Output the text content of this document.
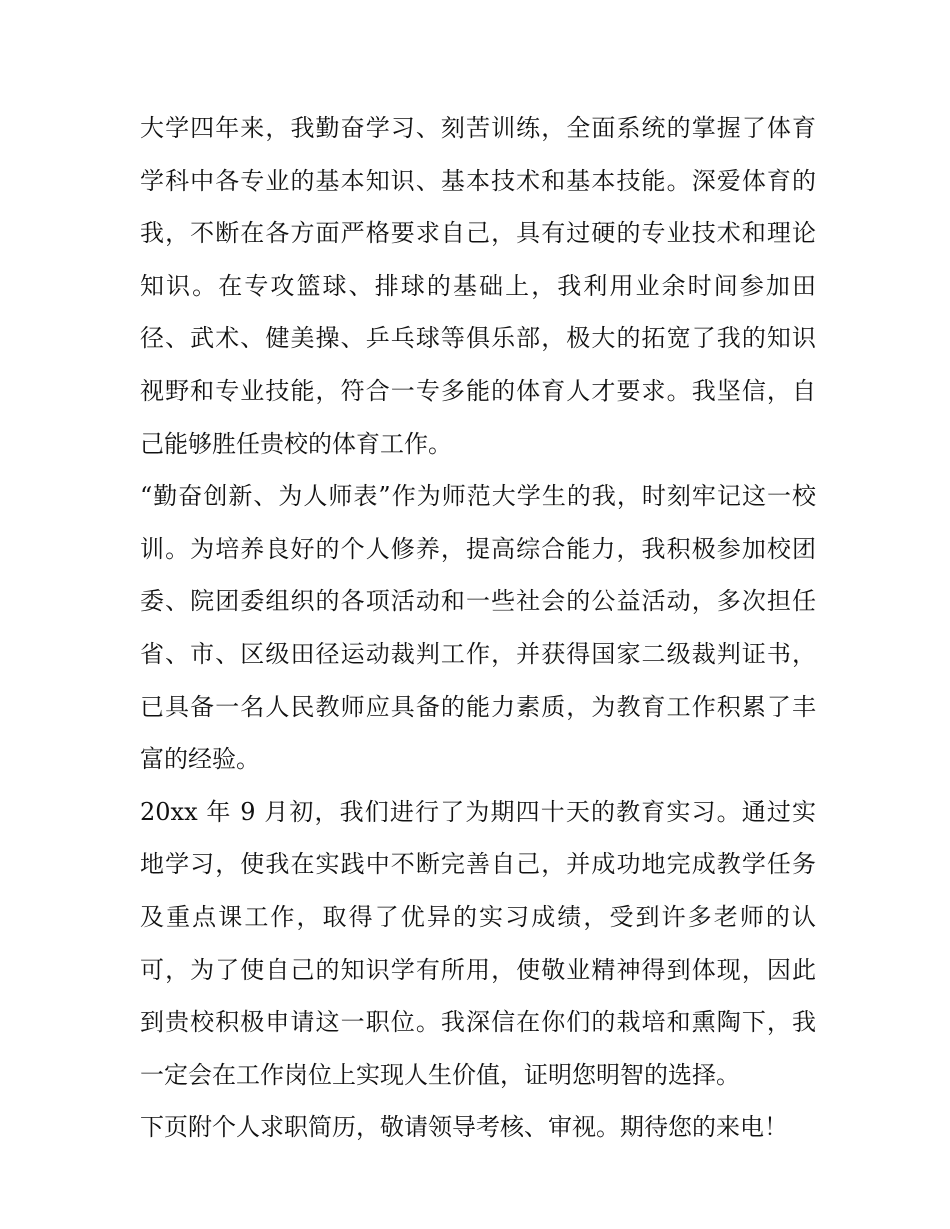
大学四年来，我勤奋学习、刻苦训练，全面系统的掌握了体育
学科中各专业的基本知识、基本技术和基本技能。深爱体育的
我，不断在各方面严格要求自己，具有过硬的专业技术和理论
知识。在专攻篮球、排球的基础上，我利用业余时间参加田
径、武术、健美操、乒乓球等俱乐部，极大的拓宽了我的知识
视野和专业技能，符合一专多能的体育人才要求。我坚信，自
己能够胜任贵校的体育工作。
“勤奋创新、为人师表”作为师范大学生的我，时刻牢记这一校
训。为培养良好的个人修养，提高综合能力，我积极参加校团
委、院团委组织的各项活动和一些社会的公益活动，多次担任
省、市、区级田径运动裁判工作，并获得国家二级裁判证书，
已具备一名人民教师应具备的能力素质，为教育工作积累了丰
富的经验。
20xx 年 9 月初，我们进行了为期四十天的教育实习。通过实
地学习，使我在实践中不断完善自己，并成功地完成教学任务
及重点课工作，取得了优异的实习成绩，受到许多老师的认
可，为了使自己的知识学有所用，使敬业精神得到体现，因此
到贵校积极申请这一职位。我深信在你们的栽培和熏陶下，我
一定会在工作岗位上实现人生价值，证明您明智的选择。
下页附个人求职简历，敬请领导考核、审视。期待您的来电！
